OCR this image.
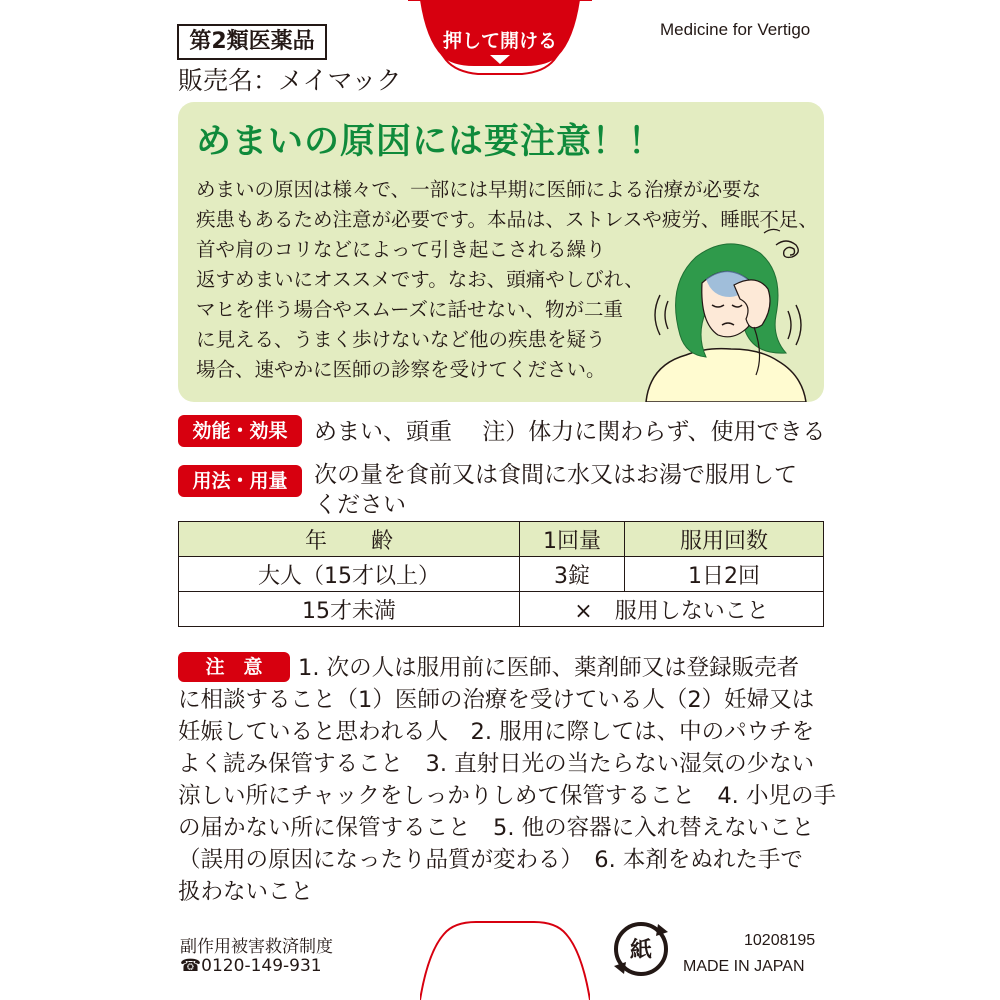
第2類医薬品
販売名：メイマック
押して開ける
Medicine for Vertigo
めまいの原因には要注意！！
めまいの原因は様々で、一部には早期に医師による治療が必要な
疾患もあるため注意が必要です。本品は、ストレスや疲労、睡眠不足、
首や肩のコリなどによって引き起こされる繰り
返すめまいにオススメです。なお、頭痛やしびれ、
マヒを伴う場合やスムーズに話せない、物が二重
に見える、うまく歩けないなど他の疾患を疑う
場合、速やかに医師の診察を受けてください。
効能・効果	めまい、頭重　 注）体力に関わらず、使用できる
用法・用量	次の量を食前又は食間に水又はお湯で服用して
ください
年　　齢	1回量	服用回数
大人（15才以上）	3錠	1日2回
15才未満	×　服用しないこと	
注　意	1. 次の人は服用前に医師、薬剤師又は登録販売者
に相談すること（1）医師の治療を受けている人（2）妊婦又は
妊娠していると思われる人　2. 服用に際しては、中のパウチを
よく読み保管すること　3. 直射日光の当たらない湿気の少ない
涼しい所にチャックをしっかりしめて保管すること　4. 小児の手
の届かない所に保管すること　5. 他の容器に入れ替えないこと
（誤用の原因になったり品質が変わる）　6. 本剤をぬれた手で
扱わないこと
副作用被害救済制度
☎0120-149-931
紙	10208195
MADE IN JAPAN
